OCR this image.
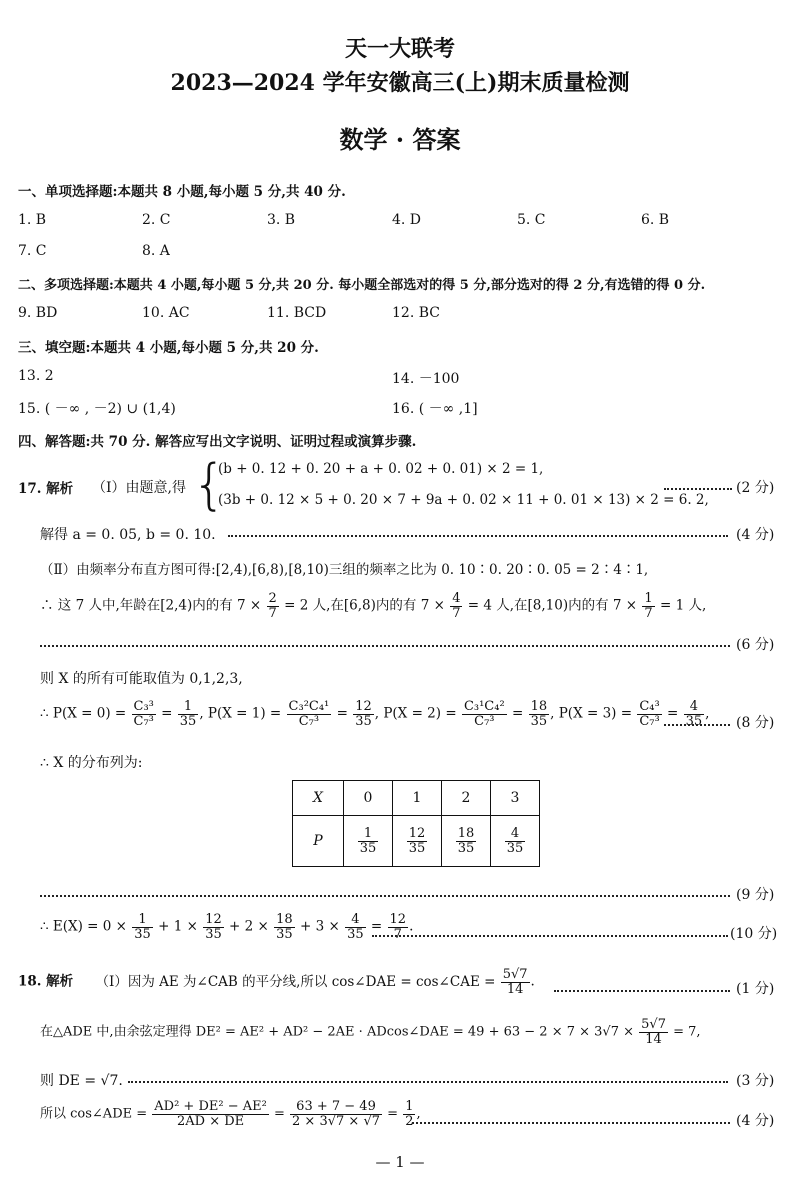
天一大联考
2023—2024 学年安徽高三(上)期末质量检测
数学 · 答案
一、单项选择题:本题共 8 小题,每小题 5 分,共 40 分.
1. B	2. C	3. B	4. D	5. C	6. B
7. C	8. A
二、多项选择题:本题共 4 小题,每小题 5 分,共 20 分. 每小题全部选对的得 5 分,部分选对的得 2 分,有选错的得 0 分.
9. BD	10. AC	11. BCD	12. BC
三、填空题:本题共 4 小题,每小题 5 分,共 20 分.
13. 2	14. －100
15. ( －∞ , －2) ∪ (1,4)	16. ( －∞ ,1]
四、解答题:共 70 分. 解答应写出文字说明、证明过程或演算步骤.
17. 解析 （Ⅰ）由题意,得 {
(b + 0. 12 + 0. 20 + a + 0. 02 + 0. 01) × 2 = 1,
(3b + 0. 12 × 5 + 0. 20 × 7 + 9a + 0. 02 × 11 + 0. 01 × 13) × 2 = 6. 2,
(2 分)
解得 a = 0. 05, b = 0. 10.	(4 分)
（Ⅱ）由频率分布直方图可得:[2,4),[6,8),[8,10)三组的频率之比为 0. 10∶0. 20∶0. 05 = 2∶4∶1,
∴ 这 7 人中,年龄在[2,4)内的有 $7 \times \frac{2}{7} = 2$ 人,在[6,8)内的有 $7 \times \frac{4}{7} = 4$ 人,在[8,10)内的有 $7 \times \frac{1}{7} = 1$ 人,
(6 分)
则 X 的所有可能取值为 0,1,2,3,
∴ $P(X = 0) = \frac{\text{C₃³}}{\text{C₇³}} = \frac{1}{35}$ , $P(X = 1) = \frac{\text{C₃²C₄¹}}{\text{C₇³}} = \frac{12}{35}$ , $P(X = 2) = \frac{\text{C₃¹C₄²}}{\text{C₇³}} = \frac{18}{35}$ , $P(X = 3) = \frac{\text{C₄³}}{\text{C₇³}} = \frac{4}{35}$ ,
(8 分)
∴ X 的分布列为:
X	0	1	2	3
P	$\frac{1}{35}$	$\frac{12}{35}$	$\frac{18}{35}$	$\frac{4}{35}$
(9 分)
∴ $E(X) = 0 \times \frac{1}{35} + 1 \times \frac{12}{35} + 2 \times \frac{18}{35} + 3 \times \frac{4}{35} = \frac{12}{7}$ .	(10 分)
18. 解析 （Ⅰ）因为 AE 为∠CAB 的平分线,所以 cos∠DAE = cos∠CAE = $\frac{5√7}{14}$ .	(1 分)
在△ADE 中,由余弦定理得 DE² = AE² + AD² − 2AE · ADcos∠DAE = $49 + 63 - 2 \times 7 \times 3√7 \times \frac{5√7}{14} = 7$,
则 DE = √7.	(3 分)
所以 cos∠ADE = $\frac{\text{AD² + DE² − AE²}}{2AD \times DE} = \frac{63 + 7 - 49}{2 \times 3√7 \times √7} = \frac{1}{2}$ ,	(4 分)
— 1 —
